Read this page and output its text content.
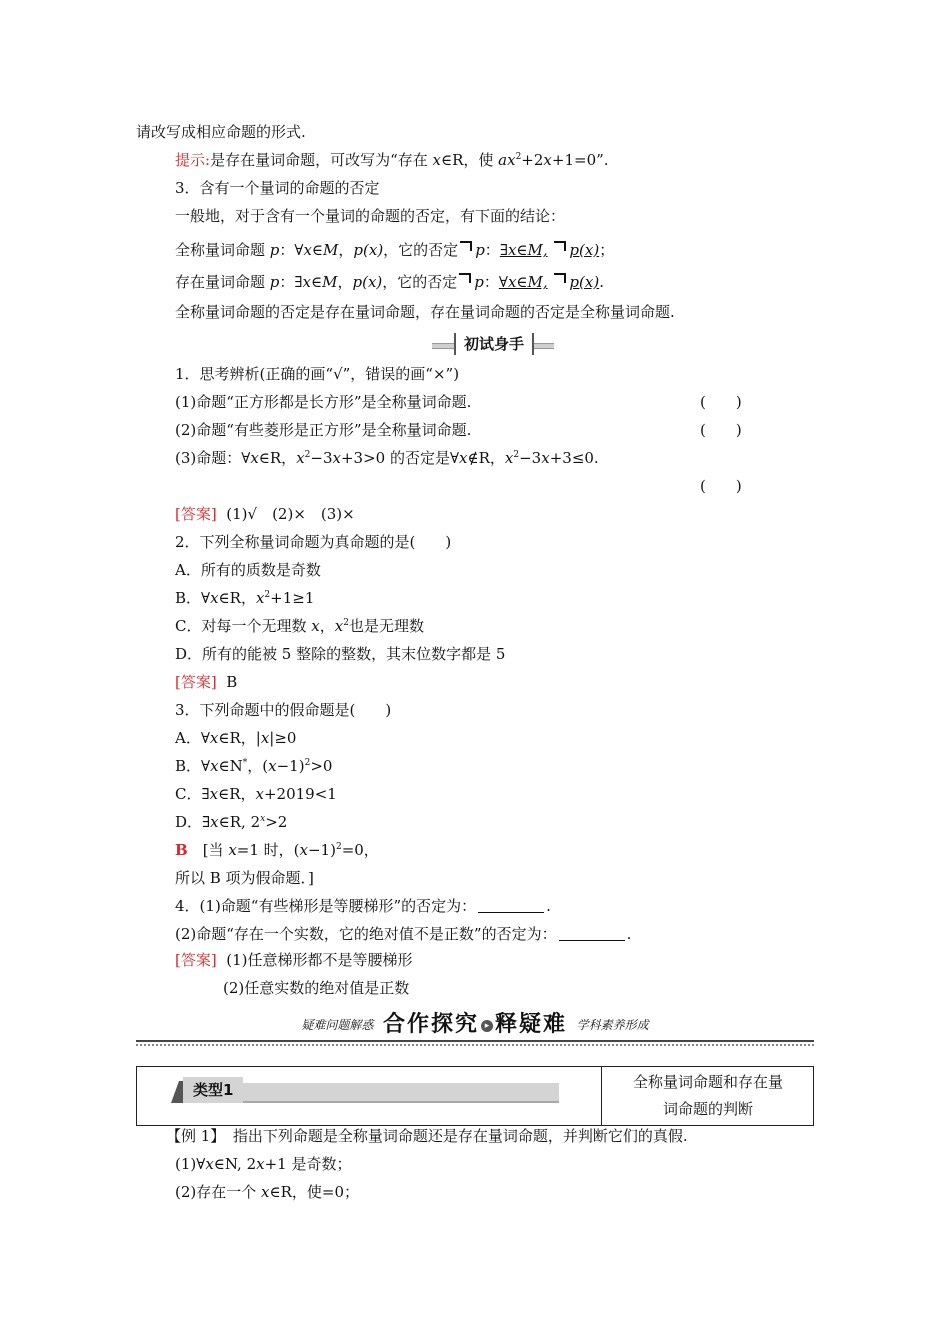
请改写成相应命题的形式.
提示:是存在量词命题，可改写为“存在 x∈R，使 $ax^2+2x+1=0$”.
3．含有一个量词的命题的否定
一般地，对于含有一个量词的命题的否定，有下面的结论：
全称量词命题 p：∀x∈M，p(x)，它的否定 p：∃x∈M, p(x)；
存在量词命题 p：∃x∈M，p(x)，它的否定 p：∀x∈M, p(x).
全称量词命题的否定是存在量词命题，存在量词命题的否定是全称量词命题.
初试身手
1．思考辨析(正确的画“√”，错误的画“×”)
(1)命题“正方形都是长方形”是全称量词命题.	(　　)
(2)命题“有些菱形是正方形”是全称量词命题.	(　　)
(3)命题：∀x∈R，$x^2-3x+3>0$ 的否定是∀x∉R，$x^2-3x+3\le 0$.
(　　)
[答案] (1)√　(2)×　(3)×
2．下列全称量词命题为真命题的是(　　)
A．所有的质数是奇数
B．∀x∈R，$x^2+1\ge 1$
C．对每一个无理数 x，$x^2$也是无理数
D．所有的能被 5 整除的整数，其末位数字都是 5
[答案] B
3．下列命题中的假命题是(　　)
A．∀x∈R，|x|≥0
B．∀x∈N*，$(x-1)^2>0$
C．∃x∈R，x+2019<1
D．∃x∈R, $2^x>2$
B　[当 x=1 时，$(x-1)^2=0$，
所以 B 项为假命题．]
4．(1)命题“有些梯形是等腰梯形”的否定为：	.
(2)命题“存在一个实数，它的绝对值不是正数”的否定为：	.
[答案] (1)任意梯形都不是等腰梯形
(2)任意实数的绝对值是正数
疑难问题解惑 合作探究 ▸ 释疑难 学科素养形成
类型1	全称量词命题和存在量
词命题的判断
【例 1】　指出下列命题是全称量词命题还是存在量词命题，并判断它们的真假.
(1)∀x∈N, 2x+1 是奇数；
(2)存在一个 x∈R，使=0；
